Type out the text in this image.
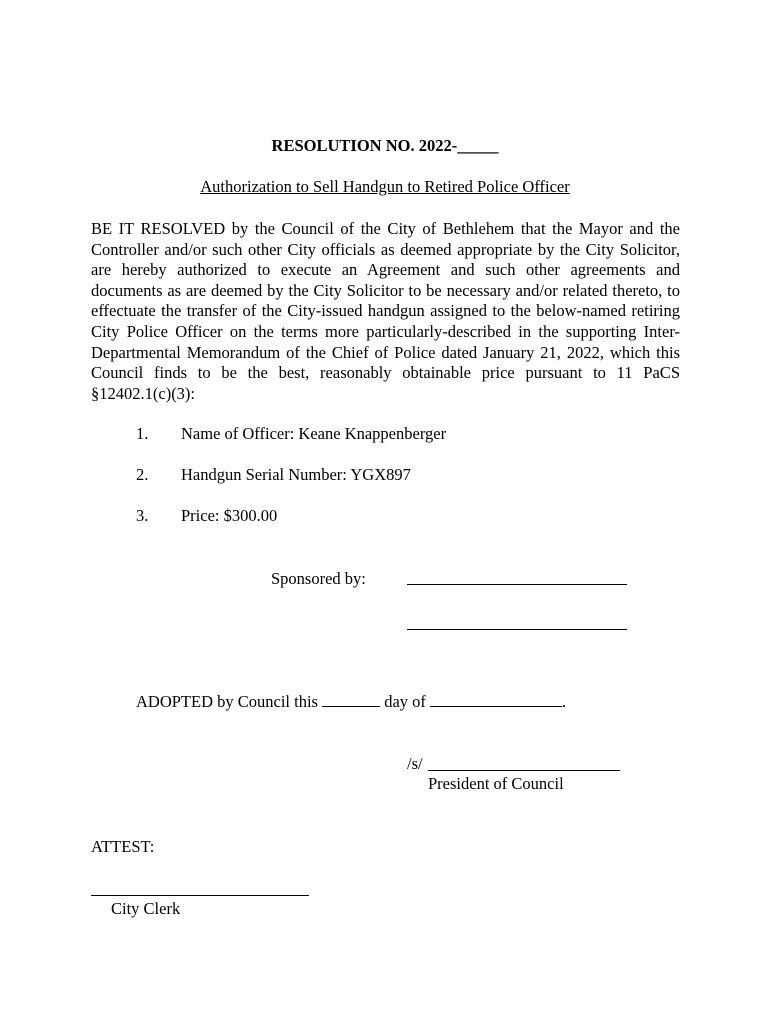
RESOLUTION NO. 2022-_____
Authorization to Sell Handgun to Retired Police Officer
BE IT RESOLVED by the Council of the City of Bethlehem that the Mayor and the Controller and/or such other City officials as deemed appropriate by the City Solicitor, are hereby authorized to execute an Agreement and such other agreements and documents as are deemed by the City Solicitor to be necessary and/or related thereto, to effectuate the transfer of the City-issued handgun assigned to the below-named retiring City Police Officer on the terms more particularly-described in the supporting Inter-Departmental Memorandum of the Chief of Police dated January 21, 2022, which this Council finds to be the best, reasonably obtainable price pursuant to 11 PaCS §12402.1(c)(3):
1. Name of Officer: Keane Knappenberger
2. Handgun Serial Number: YGX897
3. Price: $300.00
Sponsored by:
ADOPTED by Council this	day of	.
/s/
President of Council
ATTEST:
City Clerk
